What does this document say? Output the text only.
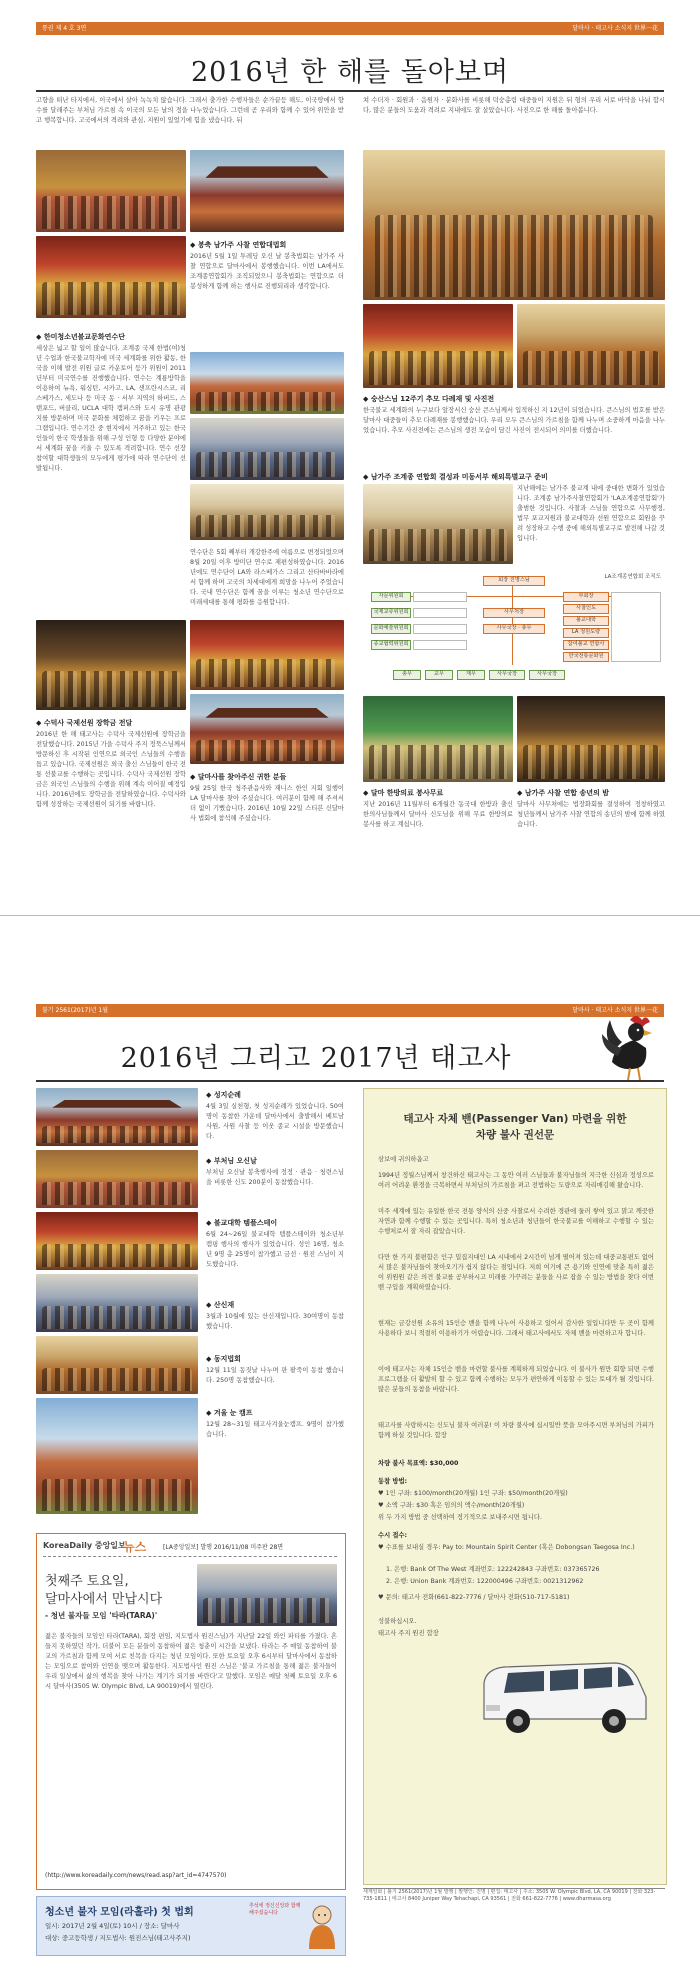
통권 제 4 호 3면	달마사 · 태고사 소식지 世界一花
2016년 한 해를 돌아보며
고향을 떠난 타지에서, 이국에서 살아 녹녹치 않습니다. 그래서 출가한 수행자들은 순가끝등 해도, 이국땅에서 향수를 달래주는 부처님 가르침 속 이국의 모든 날의 정을 나누었습니다. 그런데 곧 우리와 함께 수 있어 위안을 받고 행복합니다. 고국에서의 격려와 관심, 지원이 있었기에 힘을 냈습니다. 뒤
쳐 수더자 · 회원과 · 음원자 · 분화사를 비롯해 덕숭총림 대중들이 지원은 뒤 형의 우리 서로 바닥을 나눠 합시다, 많은 분들의 도움과 격려로 지내에도 잘 살았습니다. 사진으로 한 해를 돌아봅니다.
◆ 봉축 남가주 사찰 연합대법회
2016년 5월 1일 투레딩 오신 날 봉축법회는 남가주 사찰 연합으로 달마사에서 봉행했습니다. 이번 LA에서도 조계종연합회가 조직되었으니 봉축법회는 연합으로 더 봉성하게 함께 하는 행사로 진행되리라 생각합니다.
◆ 한미청소년불교문화연수단
세상은 넓고 할 일이 많습니다. 조계종 국제 한법(여)청년 수업과 한국불교학자에 미국 세계화를 위한 활동, 한국을 이해 발전 위원 글로 카운토어 등가 위원이 2011년부터 미국연수를 진행했습니다. 연수는 계룡방학을 이용하여 뉴욕, 워싱턴, 시카고, LA, 샌프란시스코, 리스베가스, 세도나 등 미국 동 · 서부 지역의 하버드, 스탠포드, 버클리, UCLA 대학 캠퍼스와 도시 유명 관광지를 방문하며 미국 문화를 체험하고 꿈을 키우는 프로그램입니다. 연수기간 중 현지에서 거주하고 있는 한국인들이 한국 학생들을 위해 구성 인형 등 다양한 분야에서 세계화 꿈을 키울 수 있도록 격려합니다. 연수 선장 참여할 대학생들의 모두에게 평가에 따라 연수단이 선발됩니다.
연수단은 5회 째부터 개강한주에 여름으로 변경되었으며 8월 20일 이후 방미단 연수로 재편성하였습니다. 2016년에도 연수단이 LA와 라스베가스 그리고 산타바바라에서 함께 하며 고국의 차세대에게 희망을 나누어 주었습니다. 국내 연수단은 함께 꿈을 이루는 청소년 연수단으로 미래세대를 통해 평화를 응원합니다.
◆ 수덕사 국제선원 장학금 전달
2016년 한 해 태고사는 수덕사 국제선원에 장학금을 전달했습니다. 2015년 가을 수덕사 주지 정묵스님께서 방문하신 후 시작된 인연으로 외국인 스님들의 수행을 돕고 있습니다. 국제선원은 외국 출신 스님들이 한국 전통 선불교를 수행하는 곳입니다. 수덕사 국제선원 장학금은 외국인 스님들의 수행을 위해 계속 이어질 예정입니다. 2016년에도 장학금을 전달하였습니다. 수덕사와 함께 성장하는 국제선원이 되기를 바랍니다.
◆ 달마사를 찾아주신 귀한 분들
9월 25일 한국 청주관음사와 재니스 한인 지회 일행이 LA 달마사를 찾아 주셨습니다. 여러분이 함께 해 주셔서 더 없이 기뻤습니다. 2016년 10월 22일 스티븐 신달마사 법회에 참석해 주셨습니다.
◆ 숭산스님 12주기 추모 다례재 및 사진전
한국불교 세계화의 누구보다 앞장서신 숭산 큰스님께서 입적하신 지 12년이 되었습니다. 큰스님의 법호를 받은 달마사 대중들이 추모 다례재를 봉행했습니다. 우리 모두 큰스님의 가르침을 함께 나누며 소중하게 마음을 나누었습니다. 추모 사진전에는 큰스님의 생전 모습이 담긴 사진이 전시되어 의미를 더했습니다.
◆ 남가주 조계종 연합회 결성과 미동서부 해외특별교구 준비
지난해에는 남가주 불교계 내에 중대한 변화가 있었습니다. 조계종 남가주사찰연합회가 'LA조계종연합회'가 출범한 것입니다. 사찰과 스님들 연합으로 사무행정, 법무 포교지원과 불교대학과 선원 연합으로 회원을 꾸려 성장하고 수행 중에 해외특별교구로 발전해 나갈 것입니다.
LA조계종연합회 조직도
회장 진명스님
자문위원회
국제교류위원회
문화예술위원회
종교협력위원회
사무처장
사무국장 · 총무
부회장
사찰인도
불교대학
LA 청원도량
참여불교 연합사
한국전통문화원
총무	교무	재무	사무국장	사무국장
◆ 달마 한방의료 봉사무료
지난 2016년 11월부터 6개월간 동국대 한방과 출신 한의사님들께서 달마사 신도님을 위해 무료 한방의료 봉사를 하고 계십니다.
◆ 남가주 사찰 연합 송년의 밤
달마사 사무처에는 법장화회를 결성하여 정창하였고 청년들께서 남가주 사찰 연합의 송년의 밤에 함께 하였습니다.
불기 2561(2017)년 1월	달마사 · 태고사 소식지 世界一花
2016년 그리고 2017년 태고사
◆ 성지순례
4월 3일 실천형, 첫 성지순례가 있었습니다. 50여명이 동참한 가운데 달마사에서 출발해서 베트남 사원, 사원 사찰 등 이웃 종교 시설을 방문했습니다.
◆ 부처님 오신날
부처님 오신날 봉축행사에 정정 · 관음 · 청련스님을 비롯한 신도 200분이 동참했습니다.
◆ 불교대학 템플스테이
6월 24~26일 불교대학 템플스테이와 청소년부 캠핑 행사의 행사가 있었습니다. 성인 16명, 청소년 9명 총 25명이 참가했고 금선 · 원진 스님이 지도했습니다.
◆ 산신재
3월과 10월에 있는 산신재입니다. 30여명이 동참했습니다.
◆ 동지법회
12월 11일 동짓날 나누며 판 팥죽이 동참 했습니다. 250명 동참했습니다.
◆ 겨울 눈 캠프
12월 28~31일 태고사겨울눈캠프. 9명이 참가했습니다.
KoreaDaily 중앙일보
뉴스	[LA중앙일보] 발행 2016/11/08 미주판 28면
첫째주 토요일,
달마사에서 만납시다
- 청년 불자들 모임 '타라(TARA)'
젊은 불자들의 모임인 타라(TARA), 회장 편임, 지도법사 원진스님)가 지난달 22일 와인 파티를 가졌다. 흔들지 못하였던 작가, 더불어 모든 분들이 동참하여 젊은 청춘이 시간을 보냈다. 타라는 주 매일 동참하여 불교의 가르침과 함께 모여 서로 친목을 다지는 청년 모임이다. 또한 토요일 오후 6시부터 달마사에서 동참하는 모임으로 참여와 인연을 맺으며 활동한다. 지도법사인 원진 스님은 '불교 가르침을 통해 젊은 불자들이 우리 일상에서 삶의 행복을 찾아 나가는 계기가 되기를 바란다'고 말했다. 모임은 매달 첫째 토요일 오후 6시 달마사(3505 W. Olympic Blvd, LA 90019)에서 열린다.
(http://www.koreadaily.com/news/read.asp?art_id=4747570)
청소년 불자 모임(라홀라) 첫 법회
일시: 2017년 2월 4일(토) 10시 / 장소: 달마사
대상: 중고등학생 / 지도법사: 원진스님(태고사주지)
추석에 정신신앙과 함께 해주셨습니다
태고사 자체 밴(Passenger Van) 마련을 위한
차량 불사 권선문
삼보에 귀의하옵고
1994년 정월스님께서 창건하신 태고사는 그 동안 여러 스님들과 불자님들의 지극한 신심과 정성으로 여러 어려운 환경을 극복하면서 부처님의 가르침을 펴고 전법하는 도량으로 자리매김해 왔습니다.
미주 세계에 있는 유일한 한국 전통 양식의 산중 사찰로서 수려한 경관에 둘러 쌓여 있고 맑고 깨끗한 자연과 함께 수행할 수 있는 곳입니다. 특히 청소년과 청년들이 한국불교를 이해하고 수행할 수 있는 수행처로서 잘 자리 잡았습니다.
다만 한 가지 불편함은 인구 밀집지대인 LA 시내에서 2시간이 넘게 떨어져 있는데 대중교통편도 없어서 많은 불자님들이 찾아오기가 쉽지 않다는 점입니다. 저희 여기에 큰 용기와 인연에 맞춘 특히 젊은이 위원원 같은 의견 불교를 공부하시고 미래를 가꾸려는 분들을 사로 잡을 수 있는 방법을 찾다 이번 밴 구입을 계획하였습니다.
현재는 금강선원 소유의 15인승 밴을 함께 나누어 사용하고 있어서 감사한 일입니다만 두 곳이 함께 사용하다 보니 적절히 이용하기가 어렵습니다. 그래서 태고사에서도 자체 밴을 마련하고자 합니다.
이에 태고사는 자체 15인승 밴을 마련할 불사를 계획하게 되었습니다. 이 불사가 원만 회향 되면 수행 프로그램을 더 활발히 할 수 있고 함께 수행하는 모두가 편안하게 이동할 수 있는 토대가 될 것입니다. 많은 분들의 동참을 바랍니다.
태고사를 사랑하시는 신도님 불자 여러분! 이 차량 불사에 십시일반 뜻을 모아주시면 부처님의 가피가 함께 하실 것입니다. 합장
차량 불사 목표액: $30,000
동참 방법:
♥ 1인 구좌: $100/month(20개월) 1인 구좌: $50/month(20개월)
♥ 소액 구좌: $30 혹은 임의의 액수/month(20개월)
위 두 가지 방법 중 선택하여 정기적으로 보내주시면 됩니다.
수시 접수:
♥ 수표를 보내실 경우: Pay to: Mountain Spirit Center (혹은 Dobongsan Taegosa Inc.)
1. 은행: Bank Of The West 계좌번호: 122242843 구좌번호: 037365726
2. 은행: Union Bank 계좌번호: 122000496 구좌번호: 0021312962
♥ 문의: 태고사 전화(661-822-7776 / 달마사 전화(510-717-5181)
성불하십시오.
태고사 주지 원진 합장
세계일화 | 불기 2561(2017)년 1월 발행 | 발행인: 진명 | 편집: 태고사 | 주소: 3505 W. Olympic Blvd, LA, CA 90019 | 전화 323-735-1811 | 태고사 8400 Juniper Way Tehachapi, CA 93561 | 전화 661-822-7776 | www.dharmasa.org
